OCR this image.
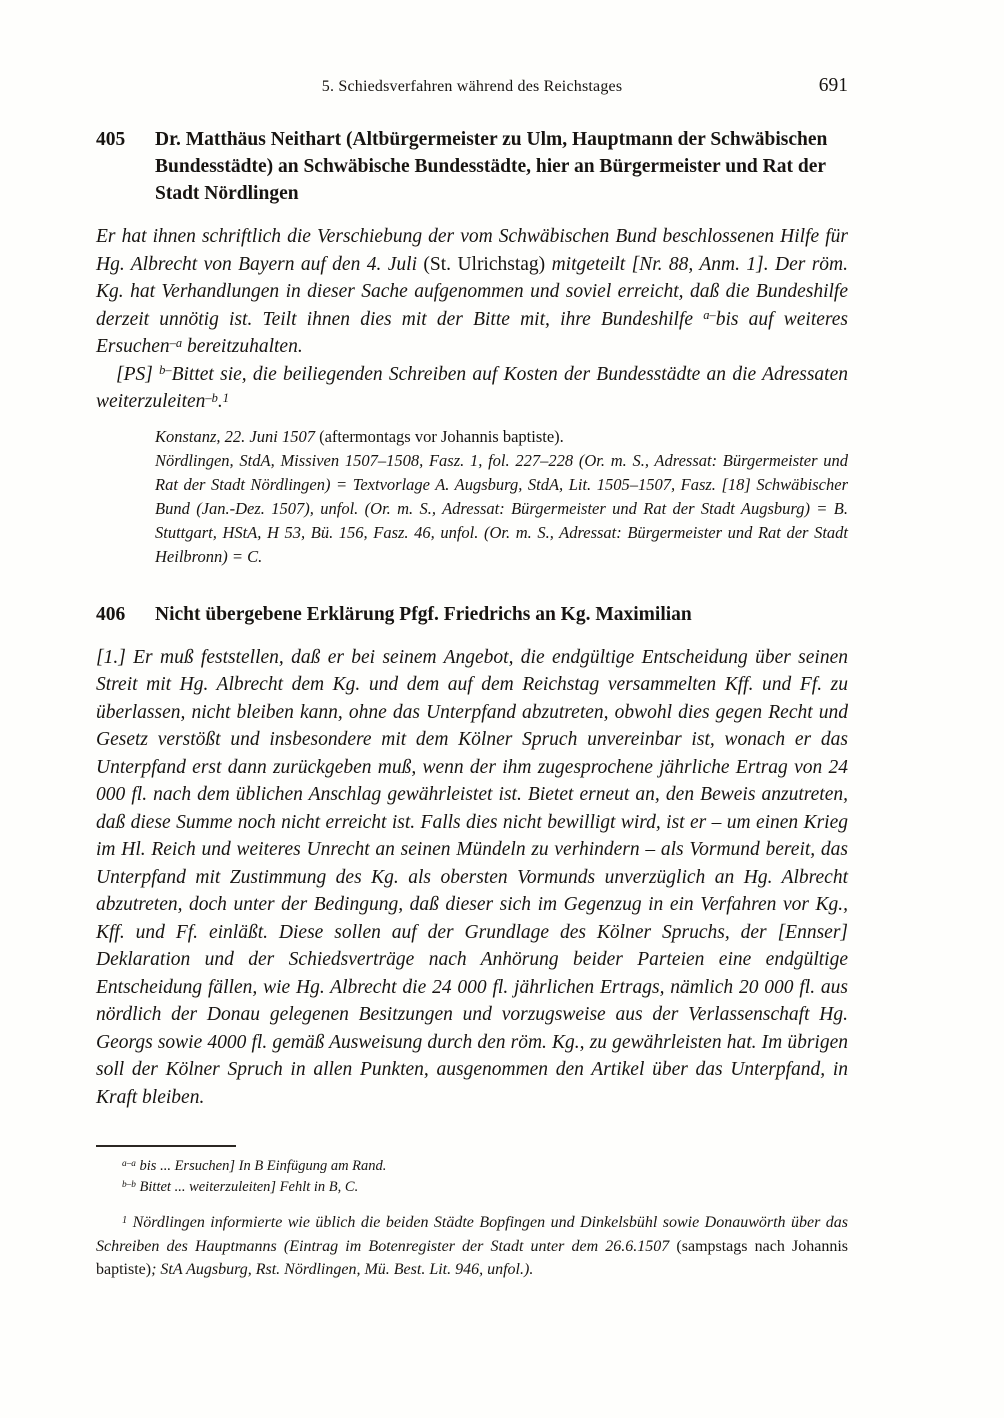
5. Schiedsverfahren während des Reichstages	691
405 Dr. Matthäus Neithart (Altbürgermeister zu Ulm, Hauptmann der Schwäbischen Bundesstädte) an Schwäbische Bundesstädte, hier an Bürgermeister und Rat der Stadt Nördlingen

Er hat ihnen schriftlich die Verschiebung der vom Schwäbischen Bund beschlossenen Hilfe für Hg. Albrecht von Bayern auf den 4. Juli (St. Ulrichstag) mitgeteilt [Nr. 88, Anm. 1]. Der röm. Kg. hat Verhandlungen in dieser Sache aufgenommen und soviel erreicht, daß die Bundeshilfe derzeit unnötig ist. Teilt ihnen dies mit der Bitte mit, ihre Bundeshilfe $^{a-}$bis auf weiteres Ersuchen$^{-a}$ bereitzuhalten.

[PS] $^{b-}$Bittet sie, die beiliegenden Schreiben auf Kosten der Bundesstädte an die Adressaten weiterzuleiten$^{-b}$.$^1$

Konstanz, 22. Juni 1507 (aftermontags vor Johannis baptiste).

Nördlingen, StdA, Missiven 1507–1508, Fasz. 1, fol. 227–228 (Or. m. S., Adressat: Bürgermeister und Rat der Stadt Nördlingen) = Textvorlage A. Augsburg, StdA, Lit. 1505–1507, Fasz. [18] Schwäbischer Bund (Jan.-Dez. 1507), unfol. (Or. m. S., Adressat: Bürgermeister und Rat der Stadt Augsburg) = B. Stuttgart, HStA, H 53, Bü. 156, Fasz. 46, unfol. (Or. m. S., Adressat: Bürgermeister und Rat der Stadt Heilbronn) = C.

406 Nicht übergebene Erklärung Pfgf. Friedrichs an Kg. Maximilian

[1.] Er muß feststellen, daß er bei seinem Angebot, die endgültige Entscheidung über seinen Streit mit Hg. Albrecht dem Kg. und dem auf dem Reichstag versammelten Kff. und Ff. zu überlassen, nicht bleiben kann, ohne das Unterpfand abzutreten, obwohl dies gegen Recht und Gesetz verstößt und insbesondere mit dem Kölner Spruch unvereinbar ist, wonach er das Unterpfand erst dann zurückgeben muß, wenn der ihm zugesprochene jährliche Ertrag von 24 000 fl. nach dem üblichen Anschlag gewährleistet ist. Bietet erneut an, den Beweis anzutreten, daß diese Summe noch nicht erreicht ist. Falls dies nicht bewilligt wird, ist er – um einen Krieg im Hl. Reich und weiteres Unrecht an seinen Mündeln zu verhindern – als Vormund bereit, das Unterpfand mit Zustimmung des Kg. als obersten Vormunds unverzüglich an Hg. Albrecht abzutreten, doch unter der Bedingung, daß dieser sich im Gegenzug in ein Verfahren vor Kg., Kff. und Ff. einläßt. Diese sollen auf der Grundlage des Kölner Spruchs, der [Ennser] Deklaration und der Schiedsverträge nach Anhörung beider Parteien eine endgültige Entscheidung fällen, wie Hg. Albrecht die 24 000 fl. jährlichen Ertrags, nämlich 20 000 fl. aus nördlich der Donau gelegenen Besitzungen und vorzugsweise aus der Verlassenschaft Hg. Georgs sowie 4000 fl. gemäß Ausweisung durch den röm. Kg., zu gewährleisten hat. Im übrigen soll der Kölner Spruch in allen Punkten, ausgenommen den Artikel über das Unterpfand, in Kraft bleiben.

$^{a-a}$ bis ... Ersuchen] In B Einfügung am Rand.

$^{b-b}$ Bittet ... weiterzuleiten] Fehlt in B, C.

$^1$ Nördlingen informierte wie üblich die beiden Städte Bopfingen und Dinkelsbühl sowie Donauwörth über das Schreiben des Hauptmanns (Eintrag im Botenregister der Stadt unter dem 26.6.1507 (sampstags nach Johannis baptiste); StA Augsburg, Rst. Nördlingen, Mü. Best. Lit. 946, unfol.).
